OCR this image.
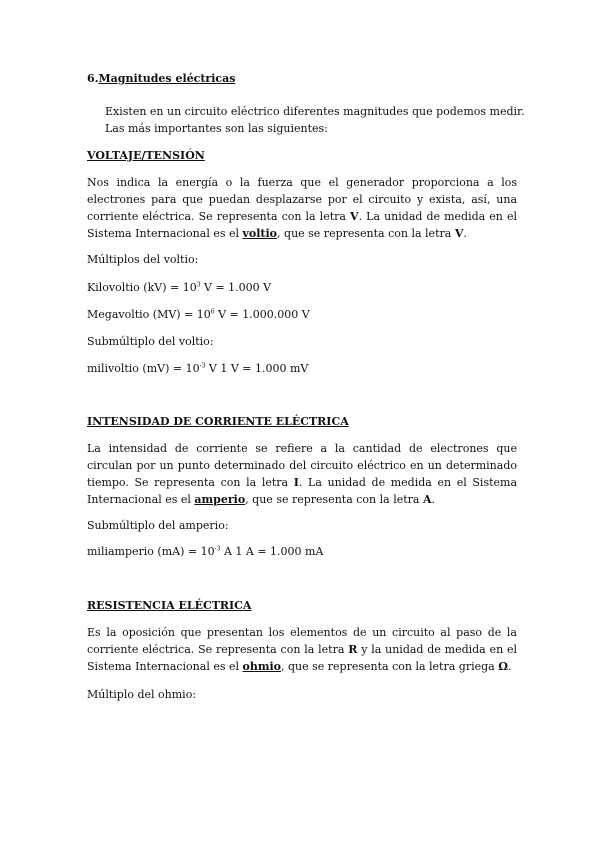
6.Magnitudes eléctricas
Existen en un circuito eléctrico diferentes magnitudes que podemos medir. Las más importantes son las siguientes:
VOLTAJE/TENSIÓN
Nos indica la energía o la fuerza que el generador proporciona a los electrones para que puedan desplazarse por el circuito y exista, así, una corriente eléctrica. Se representa con la letra V. La unidad de medida en el Sistema Internacional es el voltio, que se representa con la letra V.
Múltiplos del voltio:
Kilovoltio $(kV) = 10^3$ V = 1.000 V
Megavoltio $(MV) = 10^6$ V = 1.000.000 V
Submúltiplo del voltio:
milivoltio $(mV) = 10^{-3}$ V 1 V = 1.000 mV
INTENSIDAD DE CORRIENTE ELÉCTRICA
La intensidad de corriente se refiere a la cantidad de electrones que circulan por un punto determinado del circuito eléctrico en un determinado tiempo. Se representa con la letra I. La unidad de medida en el Sistema Internacional es el amperio, que se representa con la letra A.
Submúltiplo del amperio:
miliamperio $(mA) = 10^{-3}$ A 1 A = 1.000 mA
RESISTENCIA ELÉCTRICA
Es la oposición que presentan los elementos de un circuito al paso de la corriente eléctrica. Se representa con la letra R y la unidad de medida en el Sistema Internacional es el ohmio, que se representa con la letra griega Ω.
Múltiplo del ohmio:
